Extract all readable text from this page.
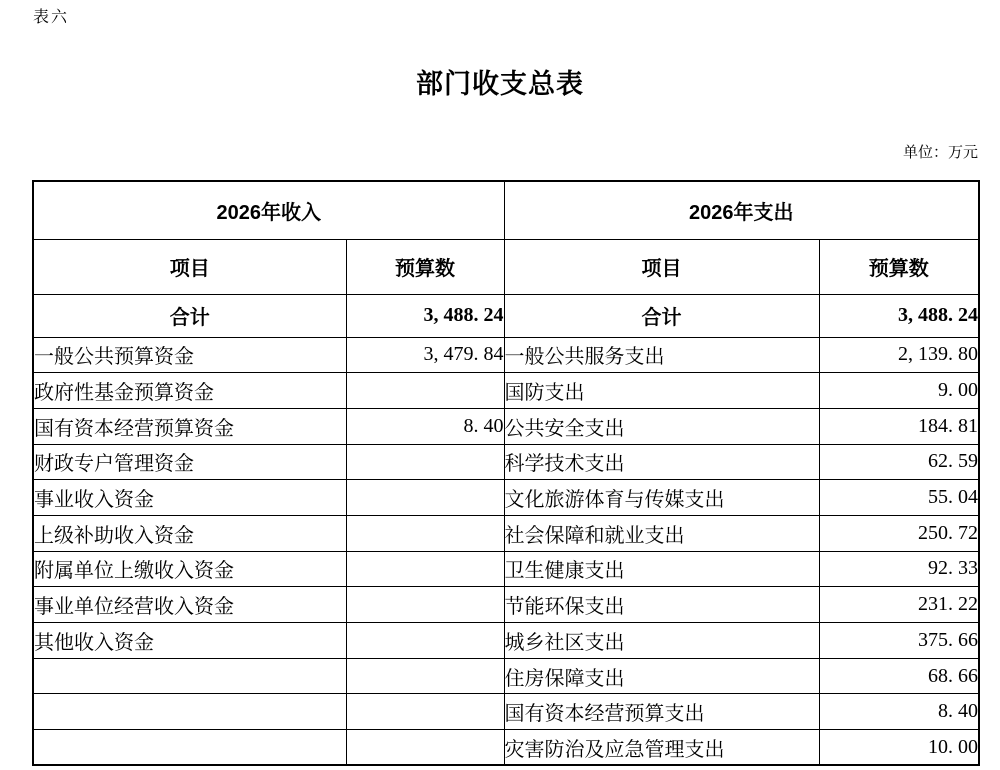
表六
部门收支总表
单位：万元
2026年收入		2026年支出	
项目	预算数	项目	预算数
合计	3, 488. 24	合计	3, 488. 24
一般公共预算资金	3, 479. 84	一般公共服务支出	2, 139. 80
政府性基金预算资金		国防支出	9. 00
国有资本经营预算资金	8. 40	公共安全支出	184. 81
财政专户管理资金		科学技术支出	62. 59
事业收入资金		文化旅游体育与传媒支出	55. 04
上级补助收入资金		社会保障和就业支出	250. 72
附属单位上缴收入资金		卫生健康支出	92. 33
事业单位经营收入资金		节能环保支出	231. 22
其他收入资金		城乡社区支出	375. 66
		住房保障支出	68. 66
		国有资本经营预算支出	8. 40
		灾害防治及应急管理支出	10. 00
